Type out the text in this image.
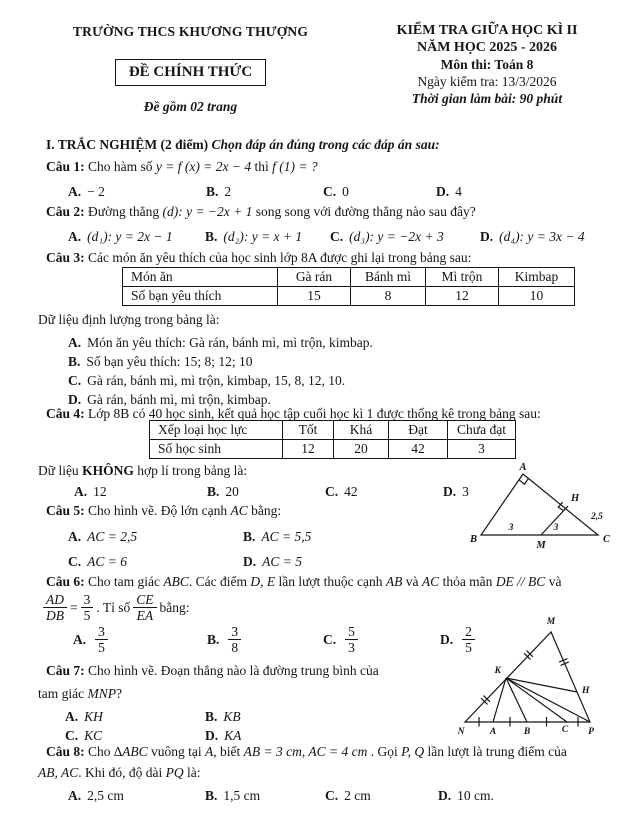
TRƯỜNG THCS KHƯƠNG THƯỢNG
ĐỀ CHÍNH THỨC
Đề gồm 02 trang
KIỂM TRA GIỮA HỌC KÌ II
NĂM HỌC 2025 - 2026
Môn thi: Toán 8
Ngày kiểm tra: 13/3/2026
Thời gian làm bài: 90 phút
I. TRẮC NGHIỆM (2 điểm) Chọn đáp án đúng trong các đáp án sau:
Câu 1: Cho hàm số y = f (x) = 2x − 4 thì f (1) = ?
A. − 2	B. 2	C. 0	D. 4
Câu 2: Đường thẳng (d): y = −2x + 1 song song với đường thẳng nào sau đây?
A. (d₁): y = 2x − 1	B. (d₂): y = x + 1	C. (d₃): y = −2x + 3	D. (d₄): y = 3x − 4
Câu 3: Các món ăn yêu thích của học sinh lớp 8A được ghi lại trong bảng sau:
Món ăn	Gà rán	Bánh mì	Mì trộn	Kimbap
Số bạn yêu thích	15	8	12	10
Dữ liệu định lượng trong bảng là:
A. Món ăn yêu thích: Gà rán, bánh mì, mì trộn, kimbap.
B. Số bạn yêu thích: 15; 8; 12; 10
C. Gà rán, bánh mì, mì trộn, kimbap, 15, 8, 12, 10.
D. Gà rán, bánh mì, mì trộn, kimbap.
Câu 4: Lớp 8B có 40 học sinh, kết quả học tập cuối học kì 1 được thống kê trong bảng sau:
Xếp loại học lực	Tốt	Khá	Đạt	Chưa đạt
Số học sinh	12	20	42	3
Dữ liệu KHÔNG hợp lí trong bảng là:
A. 12	B. 20	C. 42	D. 3
Câu 5: Cho hình vẽ. Độ lớn cạnh AC bằng:
A. AC = 2,5	B. AC = 5,5
C. AC = 6	D. AC = 5
A
B	C
M
H
3	3
2,5
Câu 6: Cho tam giác ABC. Các điểm D, E lần lượt thuộc cạnh AB và AC thỏa mãn DE // BC và
$\frac{AD}{DB} = \frac{3}{5}$ . Tỉ số $\frac{CE}{EA}$ bằng:
A. $\frac{3}{5}$	B. $\frac{3}{8}$	C. $\frac{5}{3}$	D. $\frac{2}{5}$
Câu 7: Cho hình vẽ. Đoạn thẳng nào là đường trung bình của
tam giác MNP?
A. KH	B. KB
C. KC	D. KA
M
N	A	B	C P
K
H
Câu 8: Cho ∆ABC vuông tại A, biết AB = 3 cm, AC = 4 cm . Gọi P, Q lần lượt là trung điểm của
AB, AC. Khi đó, độ dài PQ là:
A. 2,5 cm	B. 1,5 cm	C. 2 cm	D. 10 cm.
